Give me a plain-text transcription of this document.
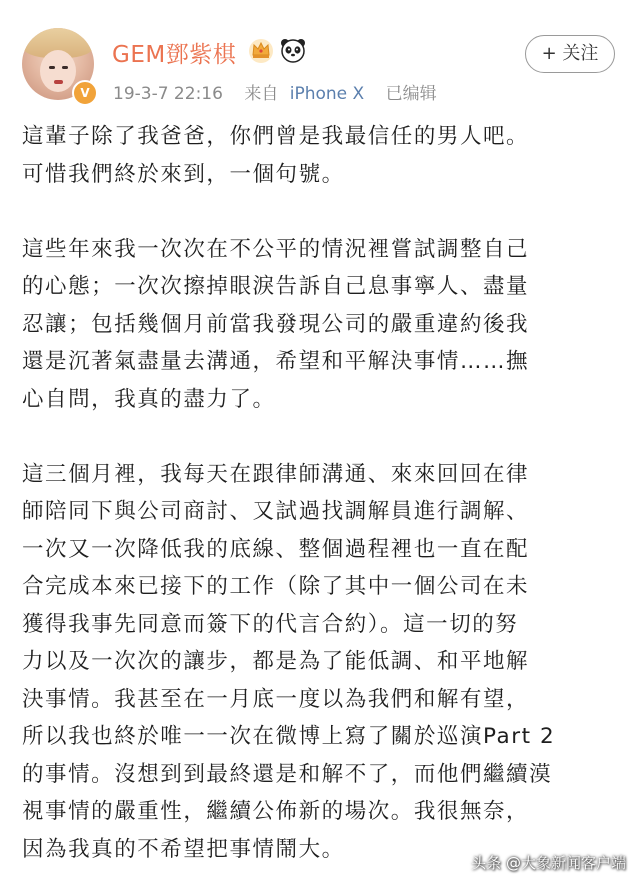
V
GEM鄧紫棋
19-3-7 22:16 来自 iPhone X 已编辑
+ 关注

這輩子除了我爸爸，你們曾是我最信任的男人吧。
可惜我們終於來到，一個句號。

這些年來我一次次在不公平的情況裡嘗試調整自己
的心態；一次次擦掉眼淚告訴自己息事寧人、盡量
忍讓；包括幾個月前當我發現公司的嚴重違約後我
還是沉著氣盡量去溝通，希望和平解決事情……撫
心自問，我真的盡力了。

這三個月裡，我每天在跟律師溝通、來來回回在律
師陪同下與公司商討、又試過找調解員進行調解、
一次又一次降低我的底線、整個過程裡也一直在配
合完成本來已接下的工作（除了其中一個公司在未
獲得我事先同意而簽下的代言合約）。這一切的努
力以及一次次的讓步，都是為了能低調、和平地解
決事情。我甚至在一月底一度以為我們和解有望，
所以我也終於唯一一次在微博上寫了關於巡演Part 2
的事情。沒想到到最終還是和解不了，而他們繼續漠
視事情的嚴重性，繼續公佈新的場次。我很無奈，
因為我真的不希望把事情鬧大。

头条 @大象新闻客户端
